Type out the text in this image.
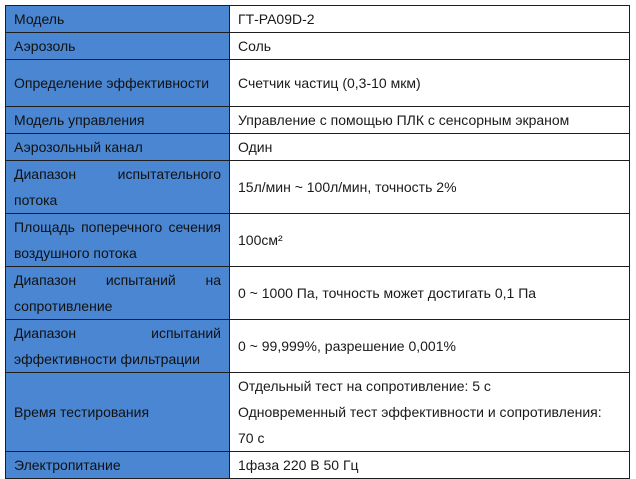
Модель	ГТ-PA09D-2
Аэрозоль	Соль
Определение эффективности	Счетчик частиц (0,3-10 мкм)
Модель управления	Управление с помощью ПЛК с сенсорным экраном
Аэрозольный канал	Один
Диапазон испытательного потока	15л/мин ~ 100л/мин, точность 2%
Площадь поперечного сечения воздушного потока	100см²
Диапазон испытаний на сопротивление	0 ~ 1000 Па, точность может достигать 0,1 Па
Диапазон испытаний эффективности фильтрации	0 ~ 99,999%, разрешение 0,001%
Время тестирования	Отдельный тест на сопротивление: 5 с
Одновременный тест эффективности и сопротивления: 70 с

Электропитание	1фаза 220 В 50 Гц
